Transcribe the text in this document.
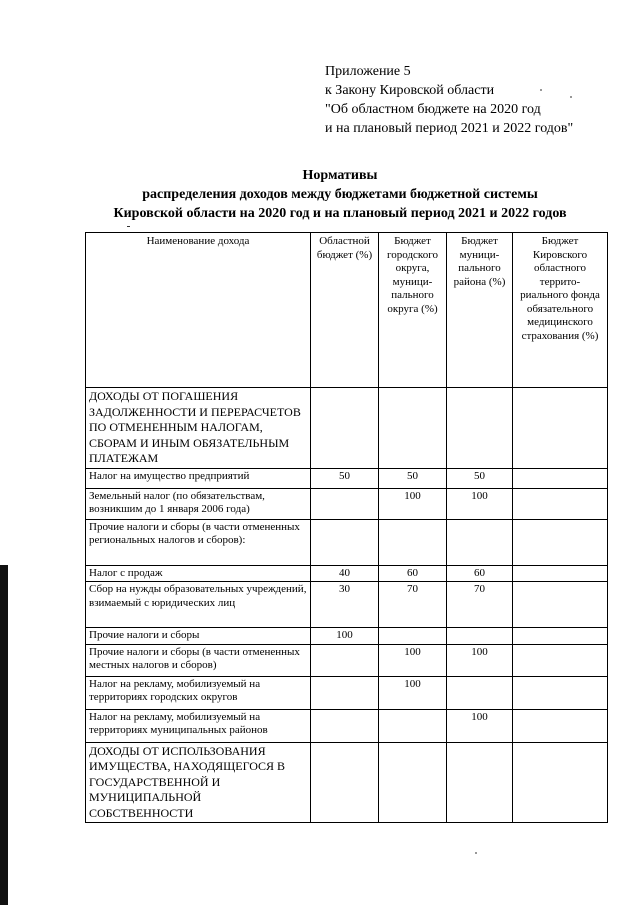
Приложение 5
к Закону Кировской области
"Об областном бюджете на 2020 год
и на плановый период 2021 и 2022 годов"
Нормативы
распределения доходов между бюджетами бюджетной системы
Кировской области на 2020 год и на плановый период 2021 и 2022 годов
Наименование дохода	Областной бюджет (%)	Бюджет городского округа, муници-пального округа (%)	Бюджет муници-пального района (%)	Бюджет Кировского областного террито-риального фонда обязательного медицинского страхования (%)
ДОХОДЫ ОТ ПОГАШЕНИЯ ЗАДОЛЖЕННОСТИ И ПЕРЕРАСЧЕТОВ ПО ОТМЕНЕННЫМ НАЛОГАМ, СБОРАМ И ИНЫМ ОБЯЗАТЕЛЬНЫМ ПЛАТЕЖАМ				
Налог на имущество предприятий	50	50	50	
Земельный налог (по обязательствам, возникшим до 1 января 2006 года)		100	100	
Прочие налоги и сборы (в части отмененных региональных налогов и сборов):				
Налог с продаж	40	60	60	
Сбор на нужды образовательных учреждений, взимаемый с юридических лиц	30	70	70	
Прочие налоги и сборы	100			
Прочие налоги и сборы (в части отмененных местных налогов и сборов)		100	100	
Налог на рекламу, мобилизуемый на территориях городских округов		100		
Налог на рекламу, мобилизуемый на территориях муниципальных районов			100	
ДОХОДЫ ОТ ИСПОЛЬЗОВАНИЯ ИМУЩЕСТВА, НАХОДЯЩЕГОСЯ В ГОСУДАРСТВЕННОЙ И МУНИЦИПАЛЬНОЙ СОБСТВЕННОСТИ				
